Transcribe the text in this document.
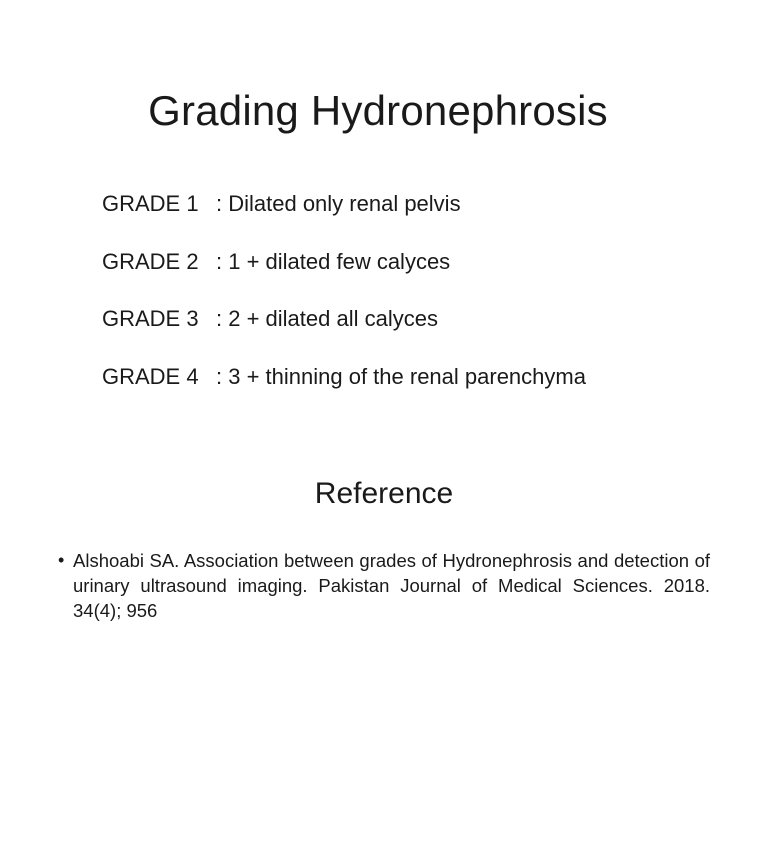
Grading Hydronephrosis
GRADE 1 : Dilated only renal pelvis
GRADE 2 : 1 + dilated few calyces
GRADE 3 : 2 + dilated all calyces
GRADE 4 : 3 + thinning of the renal parenchyma
Reference
• Alshoabi SA. Association between grades of Hydronephrosis and detection of urinary ultrasound imaging. Pakistan Journal of Medical Sciences. 2018. 34(4); 956
